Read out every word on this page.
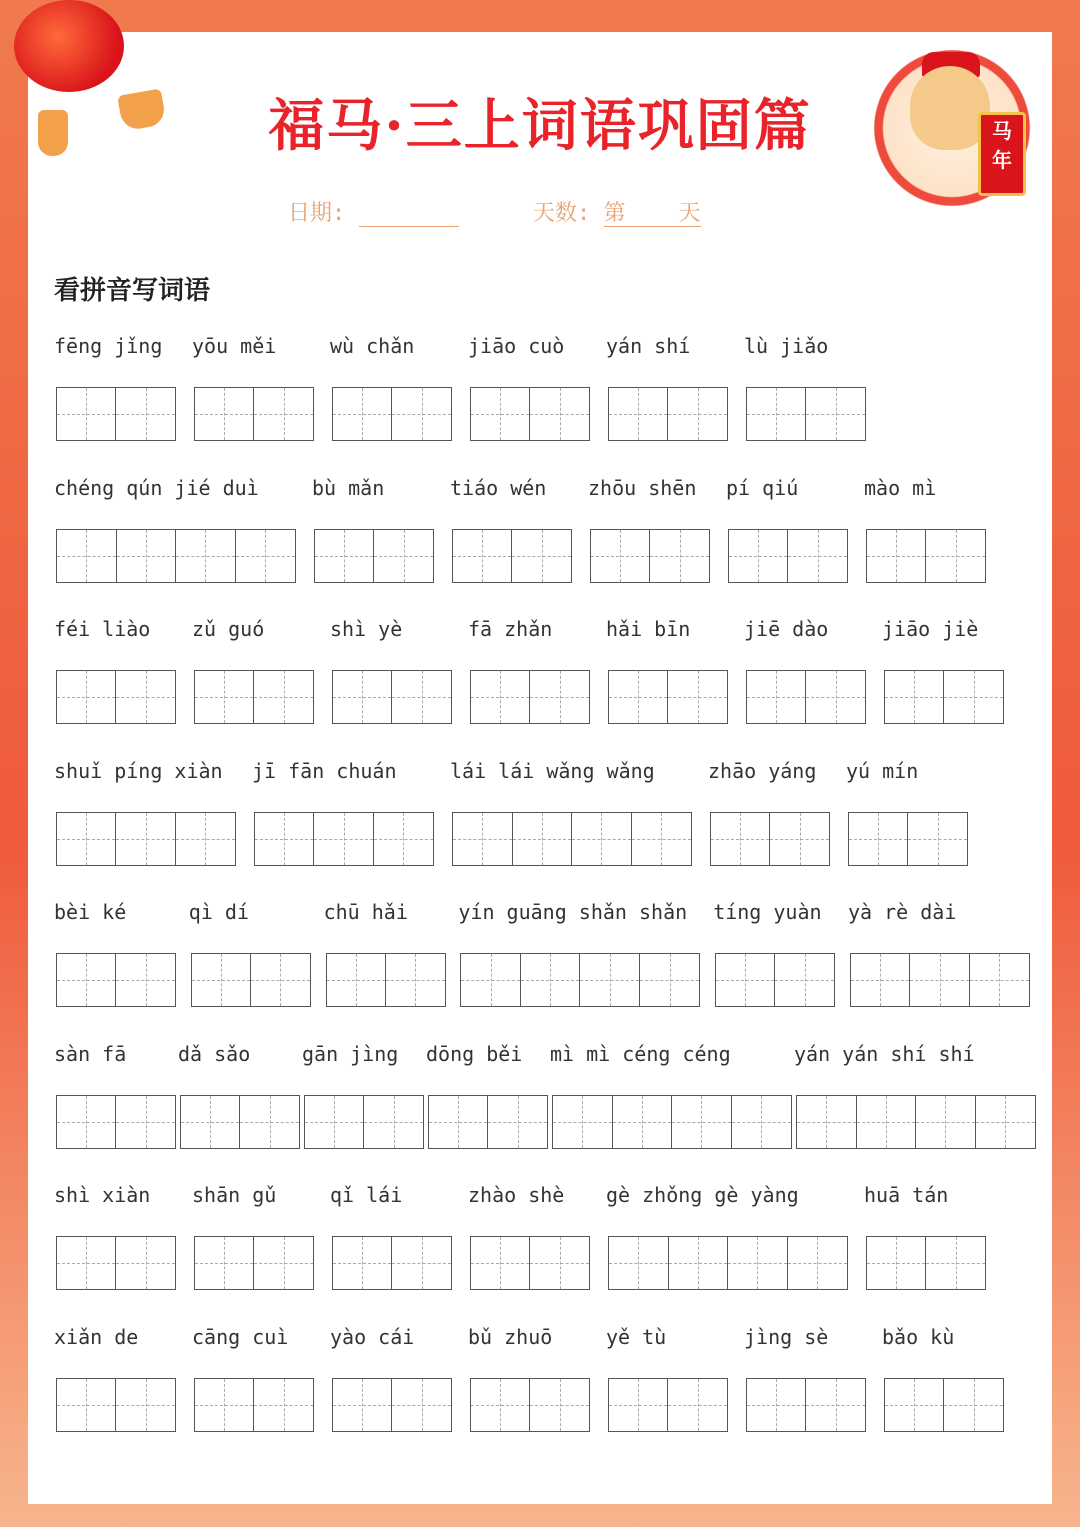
马
年
福马·三上词语巩固篇
日期:	天数: 第 天
看拼音写词语
fēng jǐng yōu měi	wù chǎn	jiāo cuò yán shí	lù jiǎo
chéng qún jié duì	bù mǎn	tiáo wén zhōu shēn pí qiú	mào mì
féi liào zǔ guó	shì yè	fā zhǎn	hǎi bīn	jiē dào	jiāo jiè
shuǐ píng xiàn jī fān chuán	lái lái wǎng wǎng	zhāo yáng yú mín
bèi ké	qì dí	chū hǎi	yín guāng shǎn shǎn tíng yuàn yà rè dài
sàn fā	dǎ sǎo	gān jìng dōng běi mì mì céng céng	yán yán shí shí
shì xiàn shān gǔ	qǐ lái	zhào shè gè zhǒng gè yàng	huā tán
xiǎn de	cāng cuì yào cái	bǔ zhuō	yě tù	jìng sè	bǎo kù
